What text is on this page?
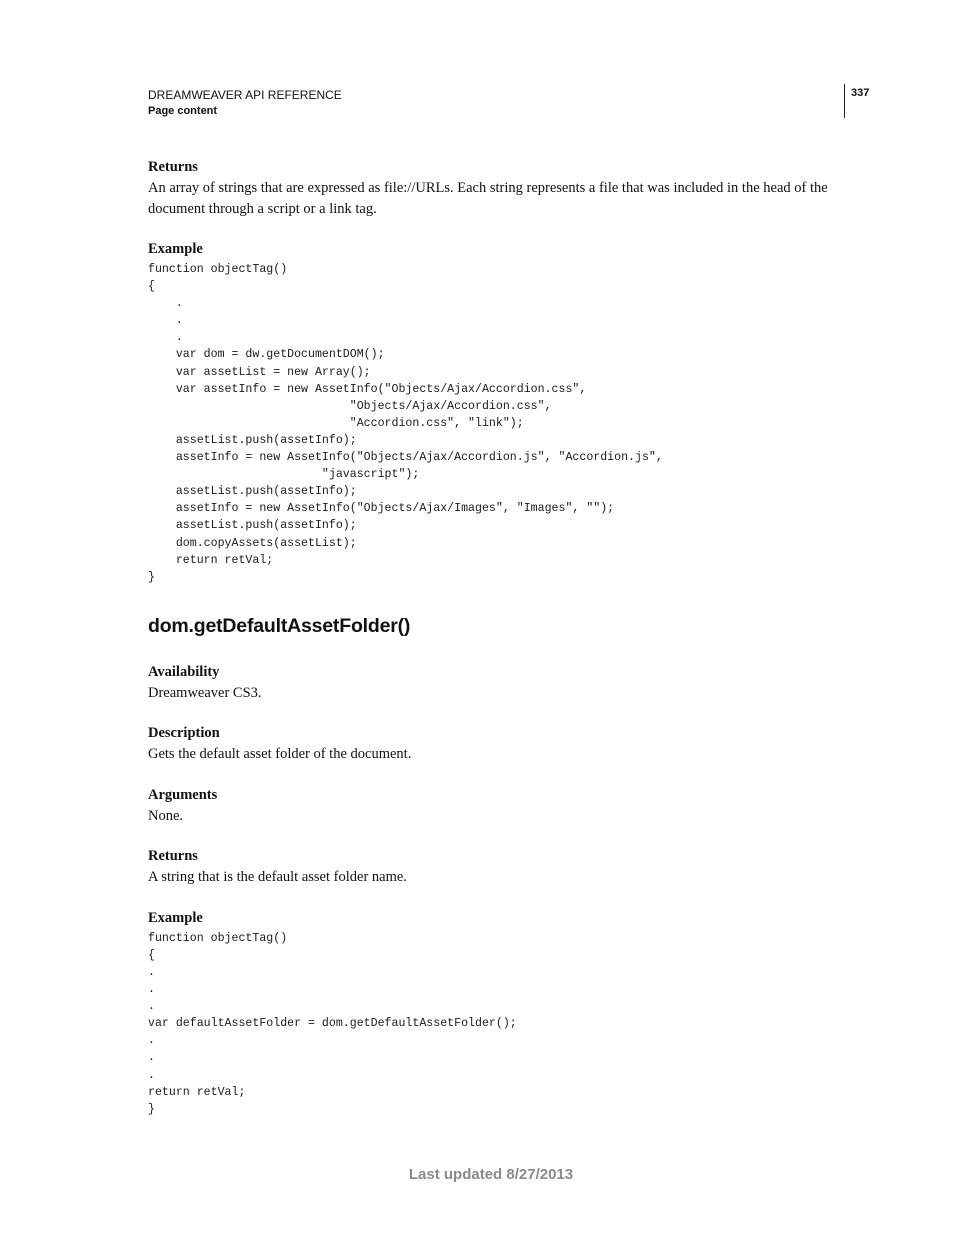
DREAMWEAVER API REFERENCE
Page content
337

Returns

An array of strings that are expressed as file://URLs. Each string represents a file that was included in the head of the document through a script or a link tag.

Example

function objectTag()
{
.
.
.
var dom = dw.getDocumentDOM();
var assetList = new Array();
var assetInfo = new AssetInfo("Objects/Ajax/Accordion.css",
"Objects/Ajax/Accordion.css",
"Accordion.css", "link");
assetList.push(assetInfo);
assetInfo = new AssetInfo("Objects/Ajax/Accordion.js", "Accordion.js",
"javascript");
assetList.push(assetInfo);
assetInfo = new AssetInfo("Objects/Ajax/Images", "Images", "");
assetList.push(assetInfo);
dom.copyAssets(assetList);
return retVal;
}
dom.getDefaultAssetFolder()

Availability

Dreamweaver CS3.

Description

Gets the default asset folder of the document.

Arguments

None.

Returns

A string that is the default asset folder name.

Example

function objectTag()
{
.
.
.
var defaultAssetFolder = dom.getDefaultAssetFolder();
.
.
.
return retVal;
}
Last updated 8/27/2013
